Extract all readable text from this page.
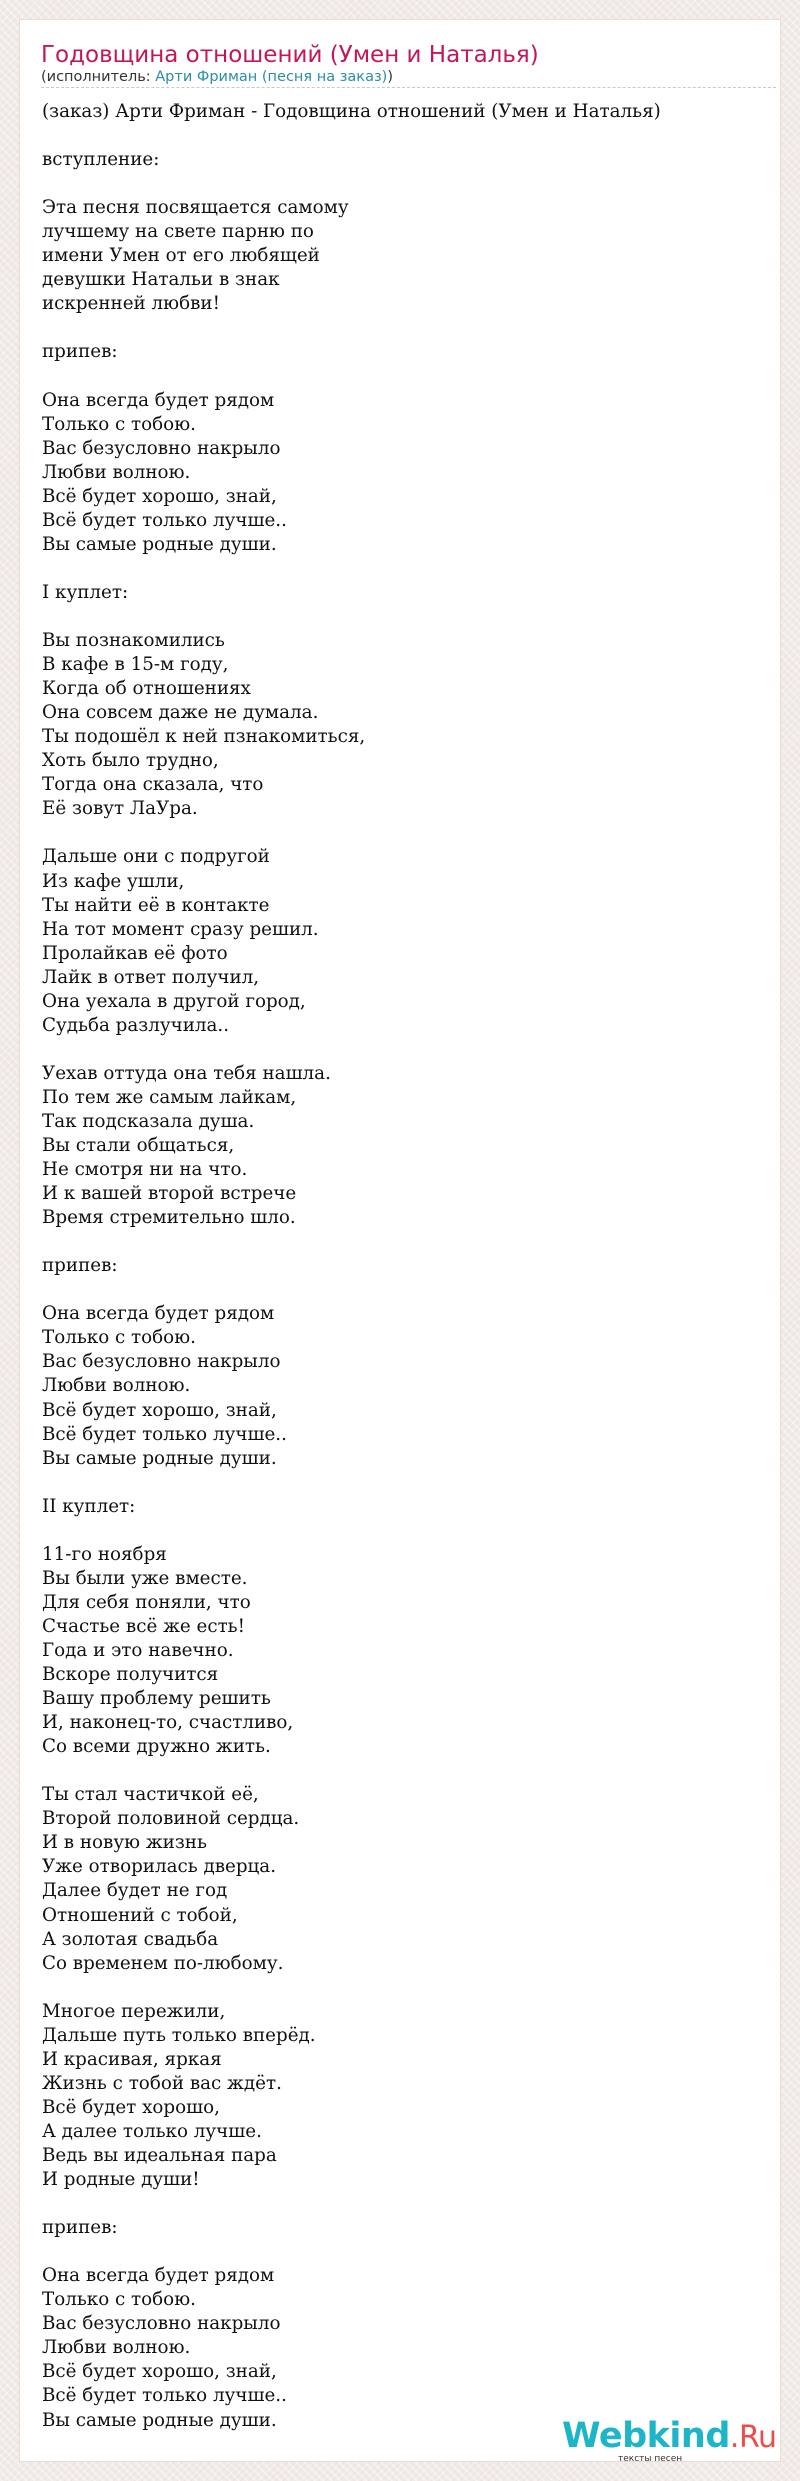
Годовщина отношений (Умен и Наталья)
(исполнитель: Арти Фриман (песня на заказ))
(заказ) Арти Фриман - Годовщина отношений (Умен и Наталья)

вступление:

Эта песня посвящается самому
лучшему на свете парню по
имени Умен от его любящей
девушки Натальи в знак
искренней любви!

припев:

Она всегда будет рядом
Только с тобою.
Вас безусловно накрыло
Любви волною.
Всё будет хорошо, знай,
Всё будет только лучше..
Вы самые родные души.

I куплет:

Вы познакомились
В кафе в 15-м году,
Когда об отношениях
Она совсем даже не думала.
Ты подошёл к ней пзнакомиться,
Хоть было трудно,
Тогда она сказала, что
Её зовут ЛаУра.

Дальше они с подругой
Из кафе ушли,
Ты найти её в контакте
На тот момент сразу решил.
Пролайкав её фото
Лайк в ответ получил,
Она уехала в другой город,
Судьба разлучила..

Уехав оттуда она тебя нашла.
По тем же самым лайкам,
Так подсказала душа.
Вы стали общаться,
Не смотря ни на что.
И к вашей второй встрече
Время стремительно шло.

припев:

Она всегда будет рядом
Только с тобою.
Вас безусловно накрыло
Любви волною.
Всё будет хорошо, знай,
Всё будет только лучше..
Вы самые родные души.

II куплет:

11-го ноября
Вы были уже вместе.
Для себя поняли, что
Счастье всё же есть!
Года и это навечно.
Вскоре получится
Вашу проблему решить
И, наконец-то, счастливо,
Со всеми дружно жить.

Ты стал частичкой её,
Второй половиной сердца.
И в новую жизнь
Уже отворилась дверца.
Далее будет не год
Отношений с тобой,
А золотая свадьба
Со временем по-любому.

Многое пережили,
Дальше путь только вперёд.
И красивая, яркая
Жизнь с тобой вас ждёт.
Всё будет хорошо,
А далее только лучше.
Ведь вы идеальная пара
И родные души!

припев:

Она всегда будет рядом
Только с тобою.
Вас безусловно накрыло
Любви волною.
Всё будет хорошо, знай,
Всё будет только лучше..
Вы самые родные души.	Webkind.Ru
тексты песен
